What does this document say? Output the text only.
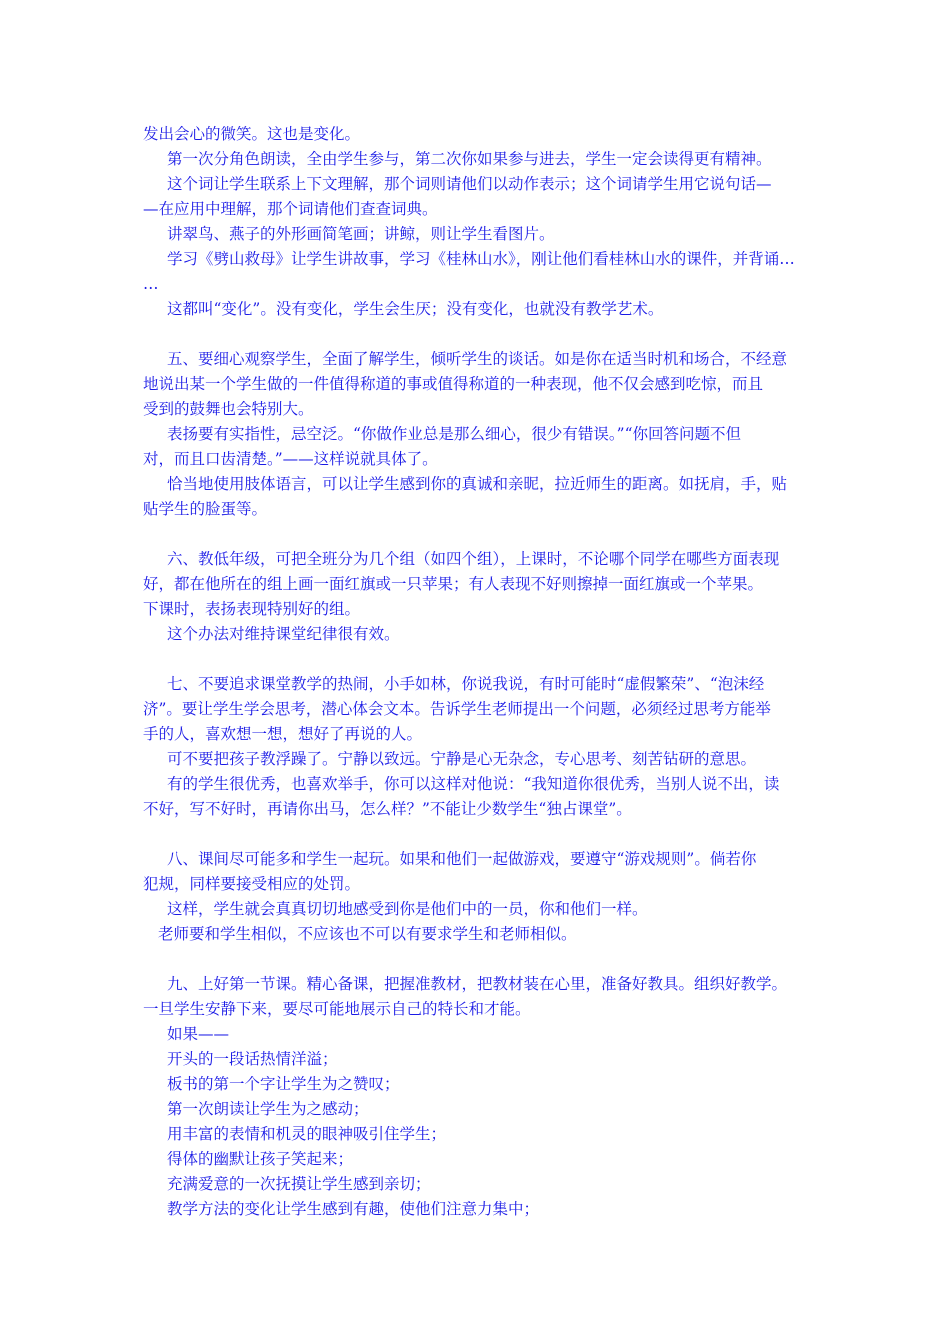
发出会心的微笑。这也是变化。
第一次分角色朗读，全由学生参与，第二次你如果参与进去，学生一定会读得更有精神。
这个词让学生联系上下文理解，那个词则请他们以动作表示；这个词请学生用它说句话—
—在应用中理解，那个词请他们查查词典。
讲翠鸟、燕子的外形画简笔画；讲鲸，则让学生看图片。
学习《劈山救母》让学生讲故事，学习《桂林山水》，刚让他们看桂林山水的课件，并背诵…
…
这都叫“变化”。没有变化，学生会生厌；没有变化，也就没有教学艺术。
五、要细心观察学生，全面了解学生，倾听学生的谈话。如是你在适当时机和场合，不经意
地说出某一个学生做的一件值得称道的事或值得称道的一种表现，他不仅会感到吃惊，而且
受到的鼓舞也会特别大。
表扬要有实指性，忌空泛。“你做作业总是那么细心，很少有错误。”“你回答问题不但
对，而且口齿清楚。”——这样说就具体了。
恰当地使用肢体语言，可以让学生感到你的真诚和亲昵，拉近师生的距离。如抚肩，手，贴
贴学生的脸蛋等。
六、教低年级，可把全班分为几个组（如四个组），上课时，不论哪个同学在哪些方面表现
好，都在他所在的组上画一面红旗或一只苹果；有人表现不好则擦掉一面红旗或一个苹果。
下课时，表扬表现特别好的组。
这个办法对维持课堂纪律很有效。
七、不要追求课堂教学的热闹，小手如林，你说我说，有时可能时“虚假繁荣”、“泡沫经
济”。要让学生学会思考，潜心体会文本。告诉学生老师提出一个问题，必须经过思考方能举
手的人，喜欢想一想，想好了再说的人。
可不要把孩子教浮躁了。宁静以致远。宁静是心无杂念，专心思考、刻苦钻研的意思。
有的学生很优秀，也喜欢举手，你可以这样对他说：“我知道你很优秀，当别人说不出，读
不好，写不好时，再请你出马，怎么样？”不能让少数学生“独占课堂”。
八、课间尽可能多和学生一起玩。如果和他们一起做游戏，要遵守“游戏规则”。倘若你
犯规，同样要接受相应的处罚。
这样，学生就会真真切切地感受到你是他们中的一员，你和他们一样。
老师要和学生相似，不应该也不可以有要求学生和老师相似。
九、上好第一节课。精心备课，把握准教材，把教材装在心里，准备好教具。组织好教学。
一旦学生安静下来，要尽可能地展示自己的特长和才能。
如果——
开头的一段话热情洋溢；
板书的第一个字让学生为之赞叹；
第一次朗读让学生为之感动；
用丰富的表情和机灵的眼神吸引住学生；
得体的幽默让孩子笑起来；
充满爱意的一次抚摸让学生感到亲切；
教学方法的变化让学生感到有趣，使他们注意力集中；
